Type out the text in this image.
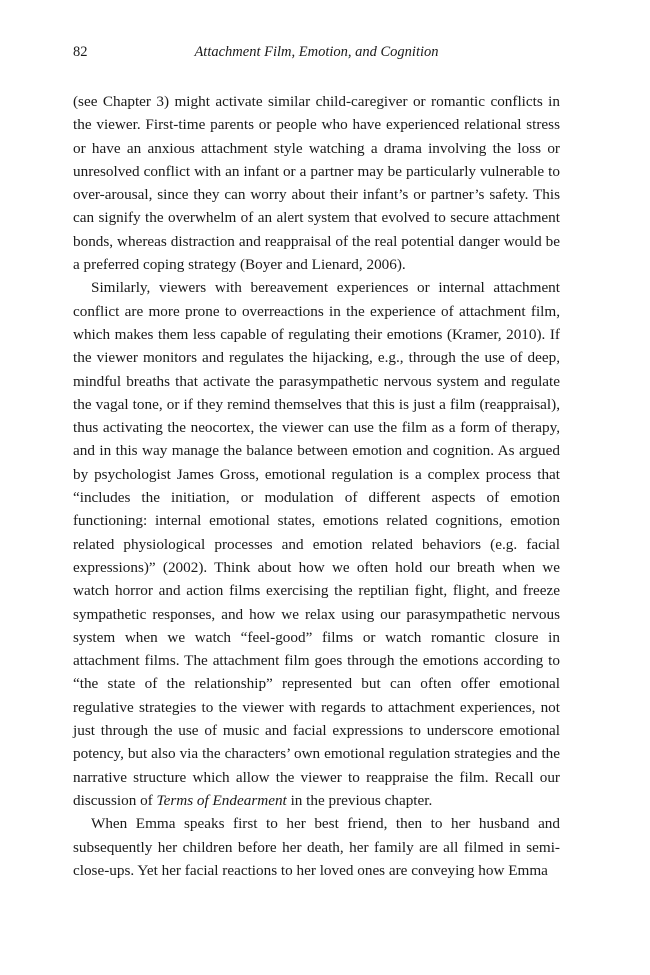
82	Attachment Film, Emotion, and Cognition

(see Chapter 3) might activate similar child-caregiver or romantic conflicts in the viewer. First-time parents or people who have experienced relational stress or have an anxious attachment style watching a drama involving the loss or unresolved conflict with an infant or a partner may be particularly vulnerable to over-arousal, since they can worry about their infant’s or partner’s safety. This can signify the overwhelm of an alert system that evolved to secure attachment bonds, whereas distraction and reappraisal of the real potential danger would be a preferred coping strategy (Boyer and Lienard, 2006).

Similarly, viewers with bereavement experiences or internal attachment conflict are more prone to overreactions in the experience of attachment film, which makes them less capable of regulating their emotions (Kramer, 2010). If the viewer monitors and regulates the hijacking, e.g., through the use of deep, mindful breaths that activate the parasympathetic nervous system and regulate the vagal tone, or if they remind themselves that this is just a film (reappraisal), thus activating the neocortex, the viewer can use the film as a form of therapy, and in this way manage the balance between emotion and cognition. As argued by psychologist James Gross, emotional regulation is a complex process that “includes the initiation, or modulation of different aspects of emotion functioning: internal emotional states, emotions related cognitions, emotion related physiological processes and emotion related behaviors (e.g. facial expressions)” (2002). Think about how we often hold our breath when we watch horror and action films exercising the reptilian fight, flight, and freeze sympathetic responses, and how we relax using our parasympathetic nervous system when we watch “feel-good” films or watch romantic closure in attachment films. The attachment film goes through the emotions according to “the state of the relationship” represented but can often offer emotional regulative strategies to the viewer with regards to attachment experiences, not just through the use of music and facial expressions to underscore emotional potency, but also via the characters’ own emotional regulation strategies and the narrative structure which allow the viewer to reappraise the film. Recall our discussion of Terms of Endearment in the previous chapter.

When Emma speaks first to her best friend, then to her husband and subsequently her children before her death, her family are all filmed in semi-close-ups. Yet her facial reactions to her loved ones are conveying how Emma
